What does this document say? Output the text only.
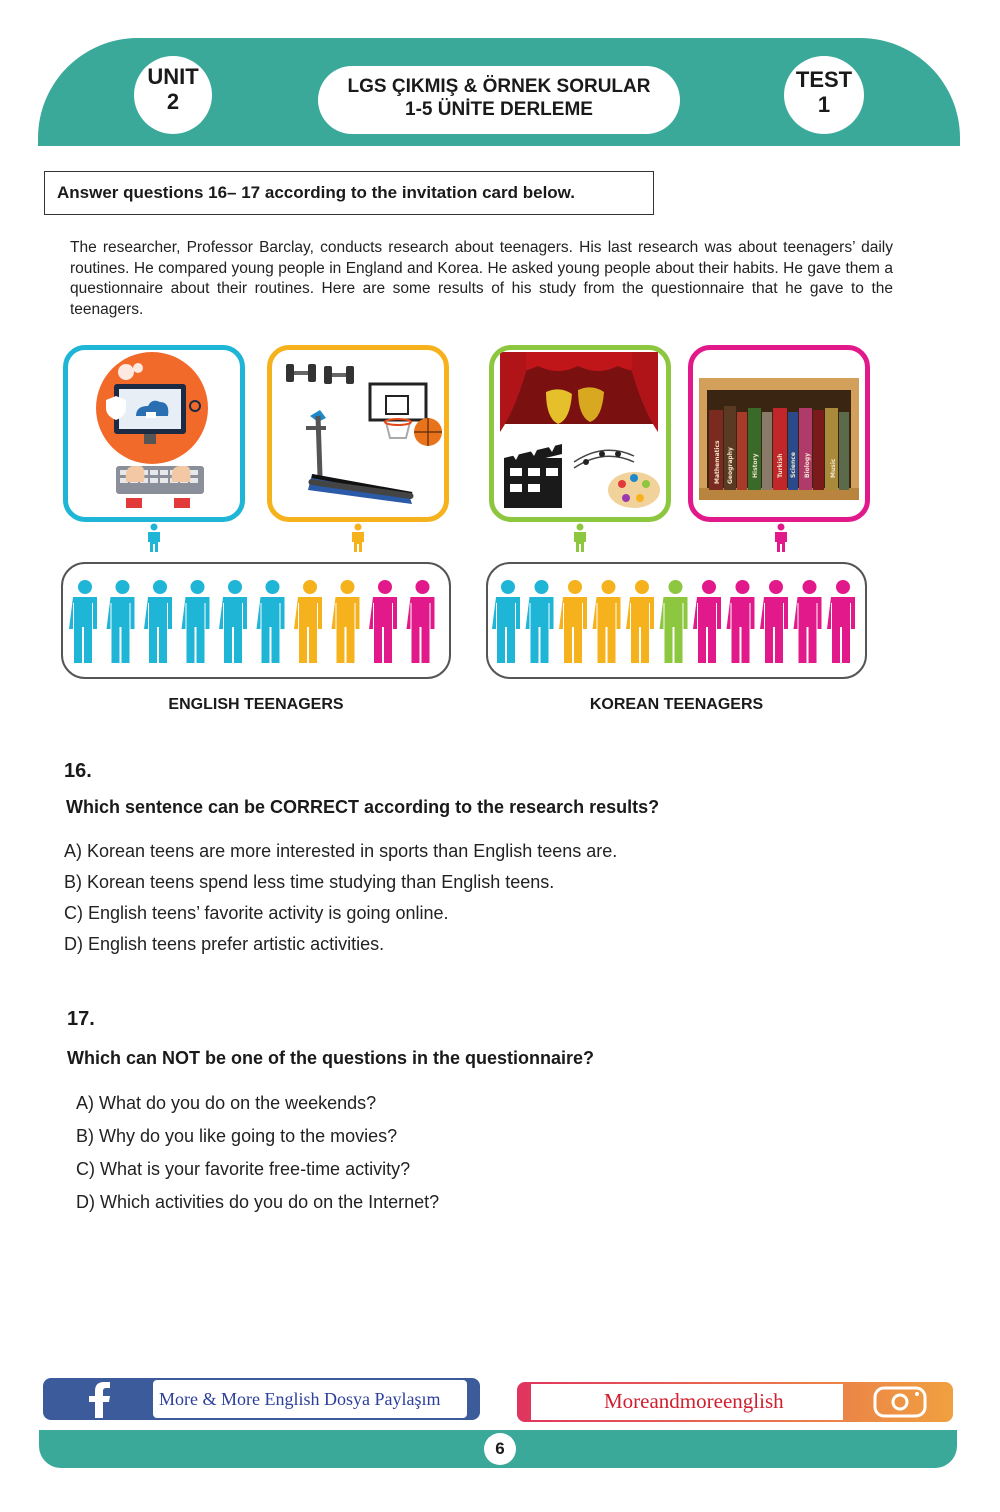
UNIT
2
LGS ÇIKMIŞ & ÖRNEK SORULAR
1-5 ÜNİTE DERLEME
TEST
1
Answer questions 16– 17 according to the invitation card below.
The researcher, Professor Barclay, conducts research about teenagers. His last research was about teenagers’ daily routines. He compared young people in England and Korea. He asked young people about their habits. He gave them a questionnaire about their routines. Here are some results of his study from the questionnaire that he gave to the teenagers.
Mathematics Geography	History	Turkish Science Biology	Music
ENGLISH TEENAGERS	KOREAN TEENAGERS
16.
Which sentence can be CORRECT according to the research results?
A) Korean teens are more interested in sports than English teens are.
B) Korean teens spend less time studying than English teens.
C) English teens’ favorite activity is going online.
D) English teens prefer artistic activities.
17.
Which can NOT be one of the questions in the questionnaire?
A) What do you do on the weekends?
B) Why do you like going to the movies?
C) What is your favorite free-time activity?
D) Which activities do you do on the Internet?
More & More English Dosya Paylaşım	Moreandmoreenglish
6
